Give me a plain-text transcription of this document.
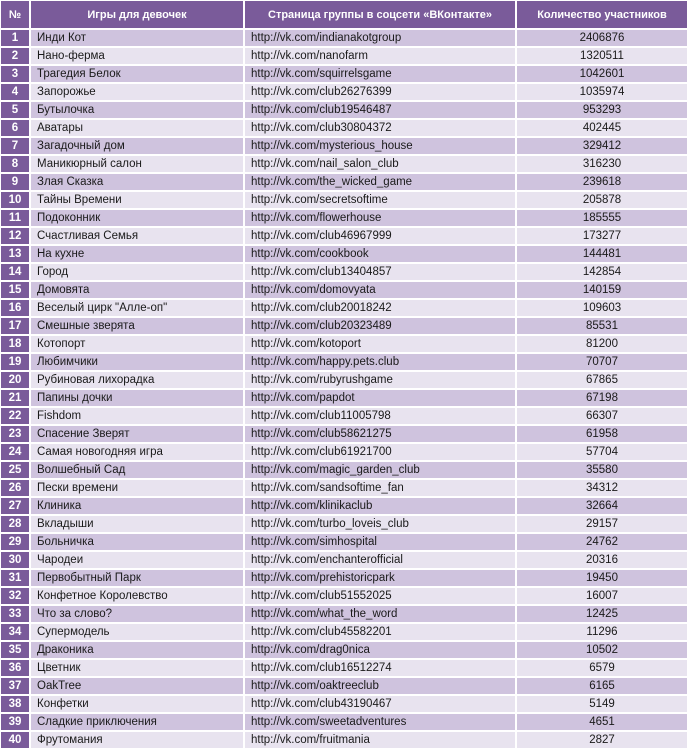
№	Игры для девочек	Страница группы в соцсети «ВКонтакте»	Количество участников
1	Инди Кот	http://vk.com/indianakotgroup	2406876
2	Нано-ферма	http://vk.com/nanofarm	1320511
3	Трагедия Белок	http://vk.com/squirrelsgame	1042601
4	Запорожье	http://vk.com/club26276399	1035974
5	Бутылочка	http://vk.com/club19546487	953293
6	Аватары	http://vk.com/club30804372	402445
7	Загадочный дом	http://vk.com/mysterious_house	329412
8	Маникюрный салон	http://vk.com/nail_salon_club	316230
9	Злая Сказка	http://vk.com/the_wicked_game	239618
10	Тайны Времени	http://vk.com/secretsoftime	205878
11	Подоконник	http://vk.com/flowerhouse	185555
12	Счастливая Семья	http://vk.com/club46967999	173277
13	На кухне	http://vk.com/cookbook	144481
14	Город	http://vk.com/club13404857	142854
15	Домовята	http://vk.com/domovyata	140159
16	Веселый цирк "Алле-оп"	http://vk.com/club20018242	109603
17	Смешные зверята	http://vk.com/club20323489	85531
18	Котопорт	http://vk.com/kotoport	81200
19	Любимчики	http://vk.com/happy.pets.club	70707
20	Рубиновая лихорадка	http://vk.com/rubyrushgame	67865
21	Папины дочки	http://vk.com/papdot	67198
22	Fishdom	http://vk.com/club11005798	66307
23	Спасение Зверят	http://vk.com/club58621275	61958
24	Самая новогодняя игра	http://vk.com/club61921700	57704
25	Волшебный Сад	http://vk.com/magic_garden_club	35580
26	Пески времени	http://vk.com/sandsoftime_fan	34312
27	Клиника	http://vk.com/klinikaclub	32664
28	Вкладыши	http://vk.com/turbo_loveis_club	29157
29	Больничка	http://vk.com/simhospital	24762
30	Чародеи	http://vk.com/enchanterofficial	20316
31	Первобытный Парк	http://vk.com/prehistoricpark	19450
32	Конфетное Королевство	http://vk.com/club51552025	16007
33	Что за слово?	http://vk.com/what_the_word	12425
34	Супермодель	http://vk.com/club45582201	11296
35	Драконика	http://vk.com/drag0nica	10502
36	Цветник	http://vk.com/club16512274	6579
37	OakTree	http://vk.com/oaktreeclub	6165
38	Конфетки	http://vk.com/club43190467	5149
39	Сладкие приключения	http://vk.com/sweetadventures	4651
40	Фрутомания	http://vk.com/fruitmania	2827
